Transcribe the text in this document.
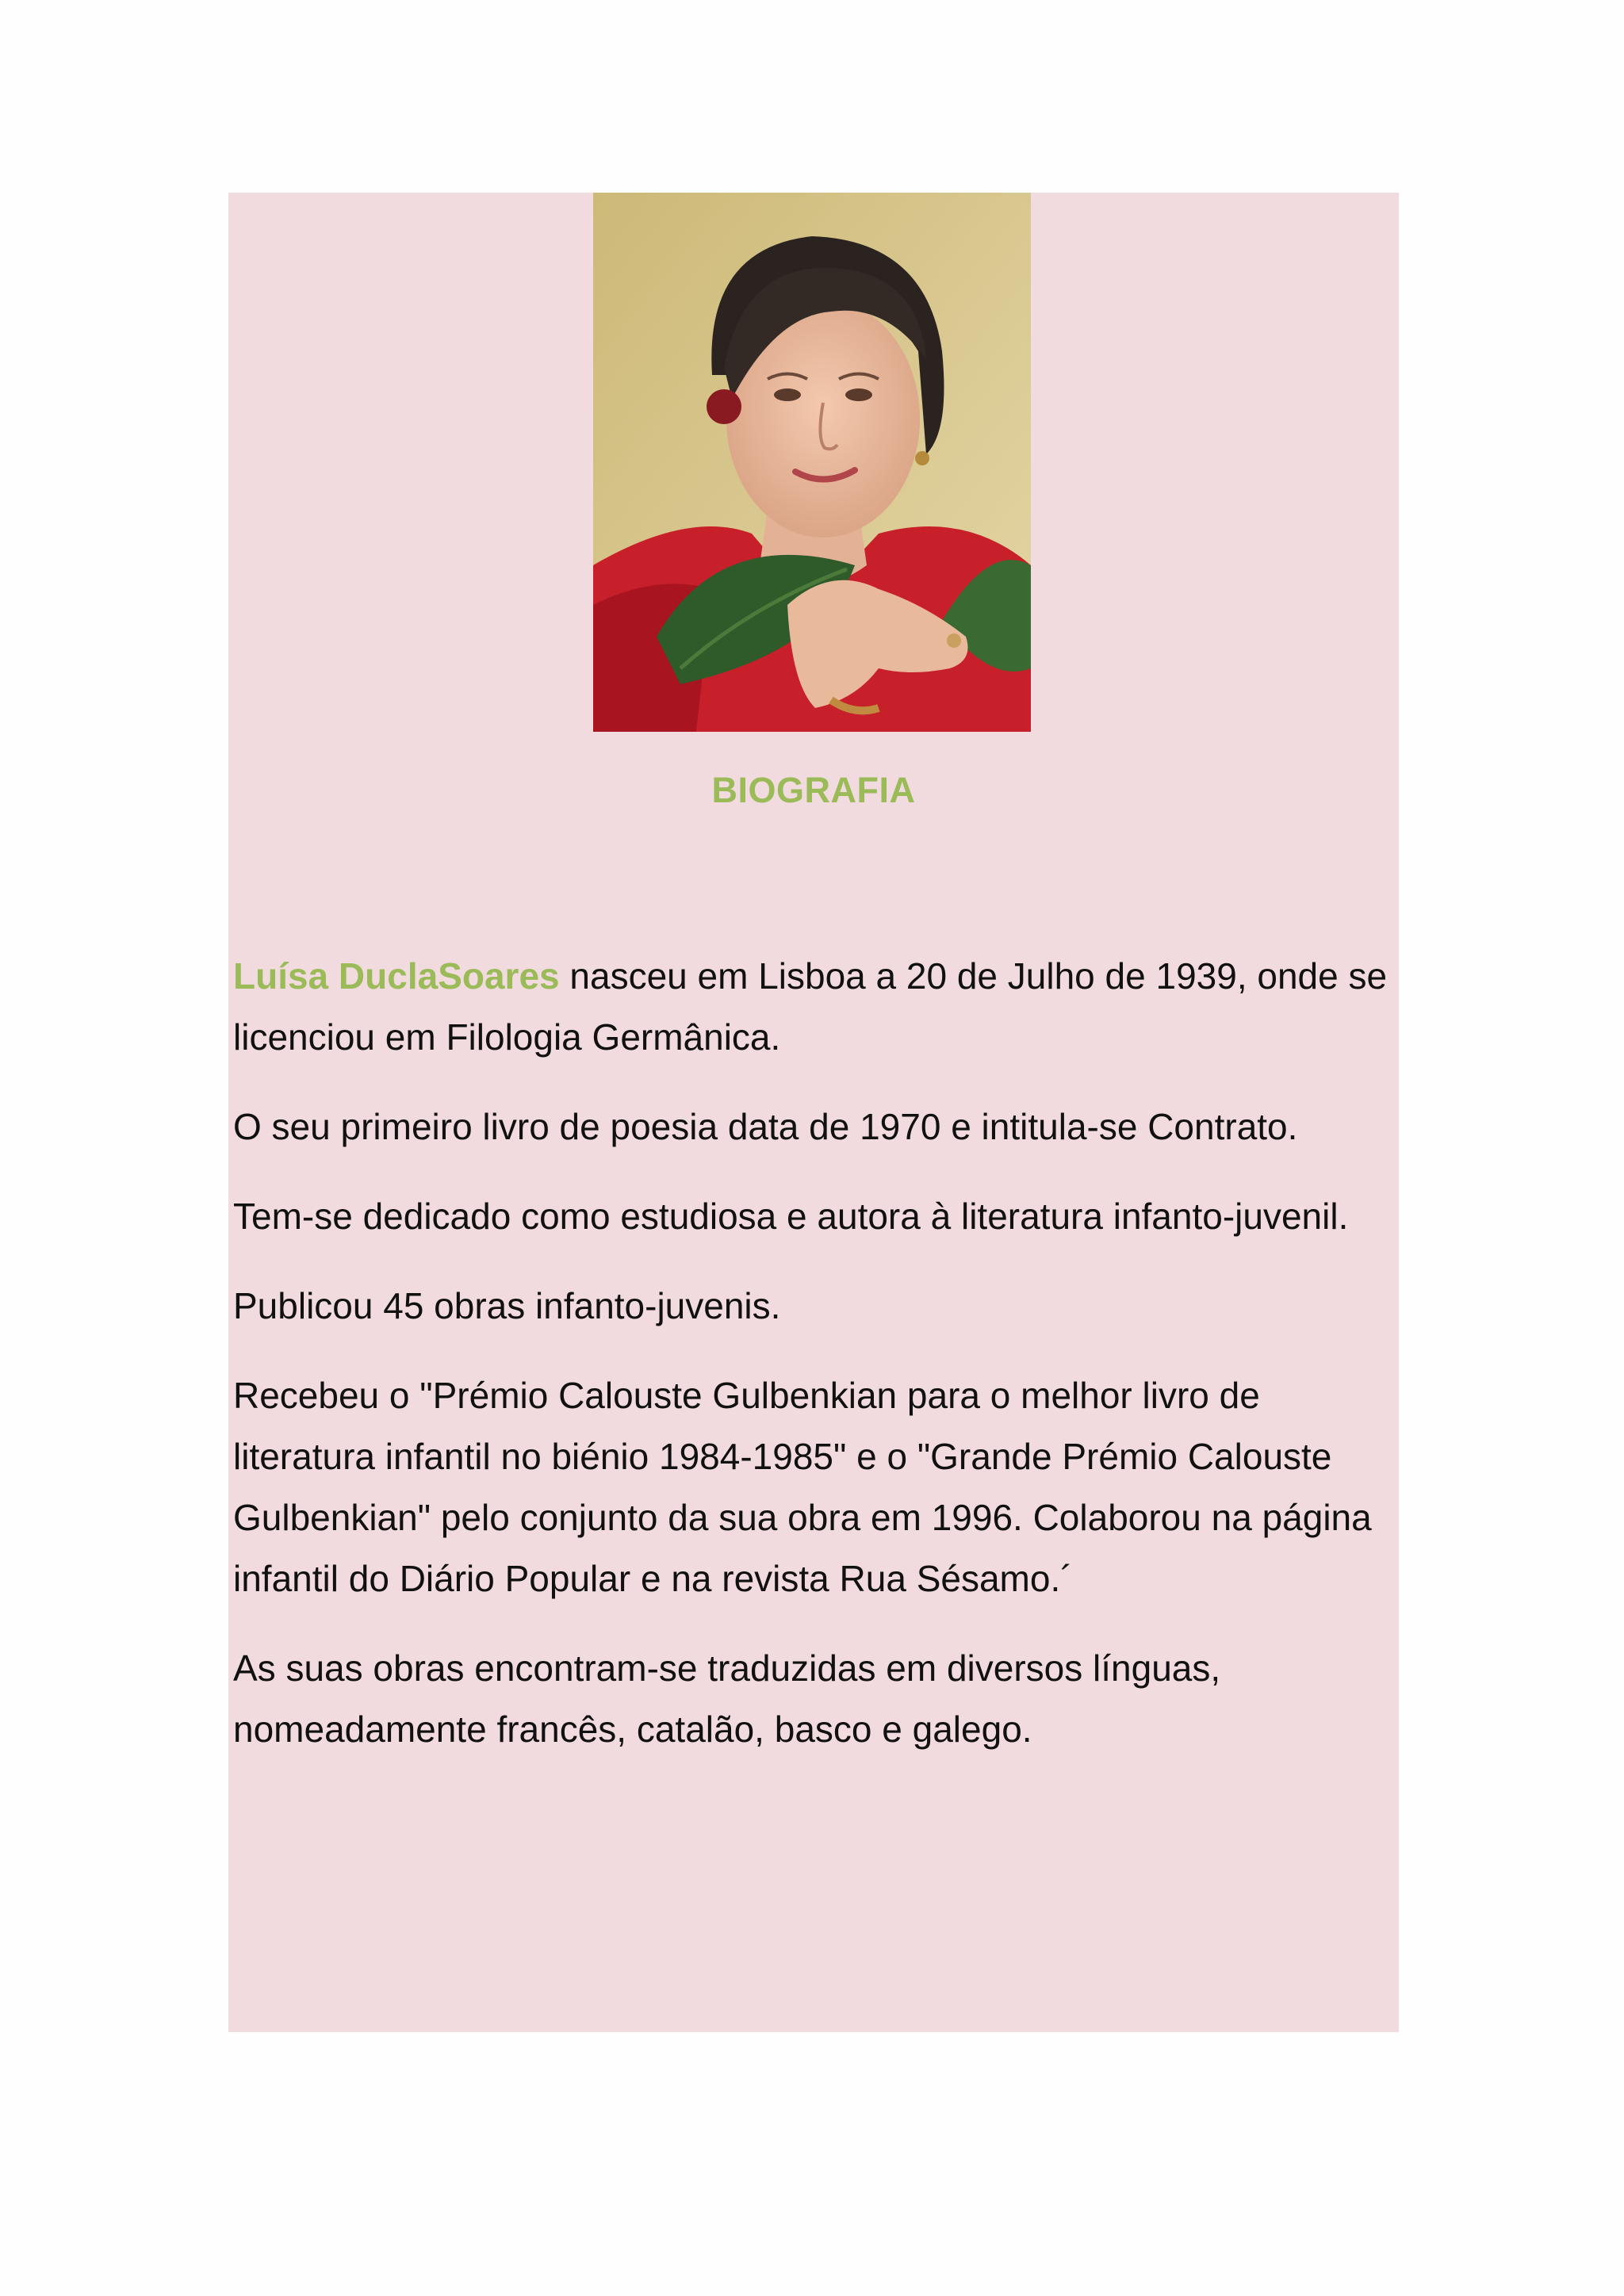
BIOGRAFIA

Luísa DuclaSoares nasceu em Lisboa a 20 de Julho de 1939, onde se licenciou em Filologia Germânica.

O seu primeiro livro de poesia data de 1970 e intitula-se Contrato.

Tem-se dedicado como estudiosa e autora à literatura infanto-juvenil.

Publicou 45 obras infanto-juvenis.

Recebeu o "Prémio Calouste Gulbenkian para o melhor livro de literatura infantil no biénio 1984-1985" e o "Grande Prémio Calouste Gulbenkian" pelo conjunto da sua obra em 1996. Colaborou na página infantil do Diário Popular e na revista Rua Sésamo.´

As suas obras encontram-se traduzidas em diversos línguas, nomeadamente francês, catalão, basco e galego.
